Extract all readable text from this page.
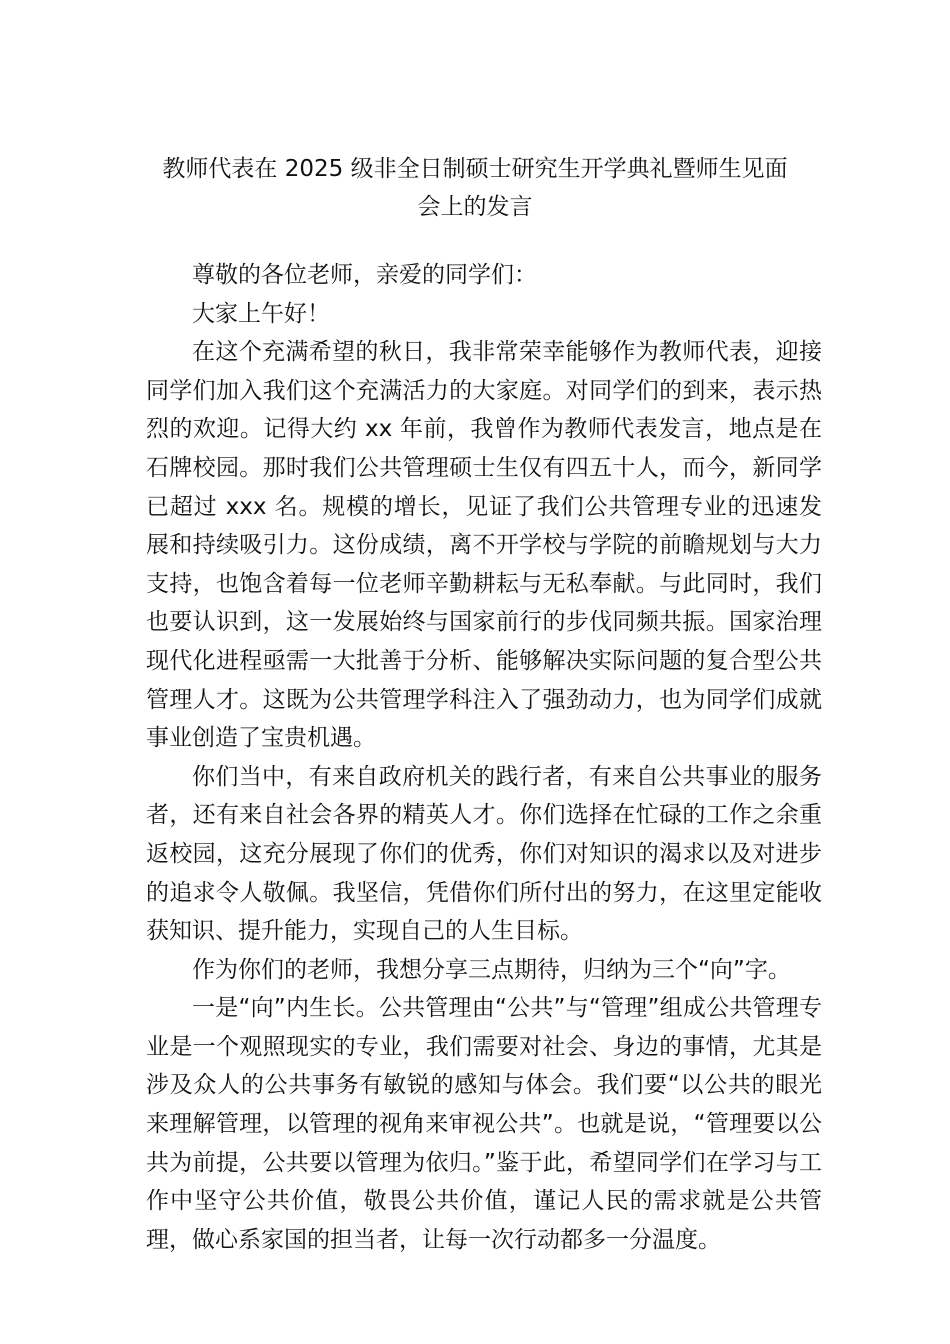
教师代表在 2025 级非全日制硕士研究生开学典礼暨师生见面
会上的发言

尊敬的各位老师，亲爱的同学们：

大家上午好！

在这个充满希望的秋日，我非常荣幸能够作为教师代表，迎接同学们加入我们这个充满活力的大家庭。对同学们的到来，表示热烈的欢迎。记得大约 xx 年前，我曾作为教师代表发言，地点是在石牌校园。那时我们公共管理硕士生仅有四五十人，而今，新同学已超过 xxx 名。规模的增长，见证了我们公共管理专业的迅速发展和持续吸引力。这份成绩，离不开学校与学院的前瞻规划与大力支持，也饱含着每一位老师辛勤耕耘与无私奉献。与此同时，我们也要认识到，这一发展始终与国家前行的步伐同频共振。国家治理现代化进程亟需一大批善于分析、能够解决实际问题的复合型公共管理人才。这既为公共管理学科注入了强劲动力，也为同学们成就事业创造了宝贵机遇。

你们当中，有来自政府机关的践行者，有来自公共事业的服务者，还有来自社会各界的精英人才。你们选择在忙碌的工作之余重返校园，这充分展现了你们的优秀，你们对知识的渴求以及对进步的追求令人敬佩。我坚信，凭借你们所付出的努力，在这里定能收获知识、提升能力，实现自己的人生目标。

作为你们的老师，我想分享三点期待，归纳为三个“向”字。

一是“向”内生长。公共管理由“公共”与“管理”组成公共管理专业是一个观照现实的专业，我们需要对社会、身边的事情，尤其是涉及众人的公共事务有敏锐的感知与体会。我们要“以公共的眼光来理解管理，以管理的视角来审视公共”。也就是说，“管理要以公共为前提，公共要以管理为依归。”鉴于此，希望同学们在学习与工作中坚守公共价值，敬畏公共价值，谨记人民的需求就是公共管理，做心系家国的担当者，让每一次行动都多一分温度。
